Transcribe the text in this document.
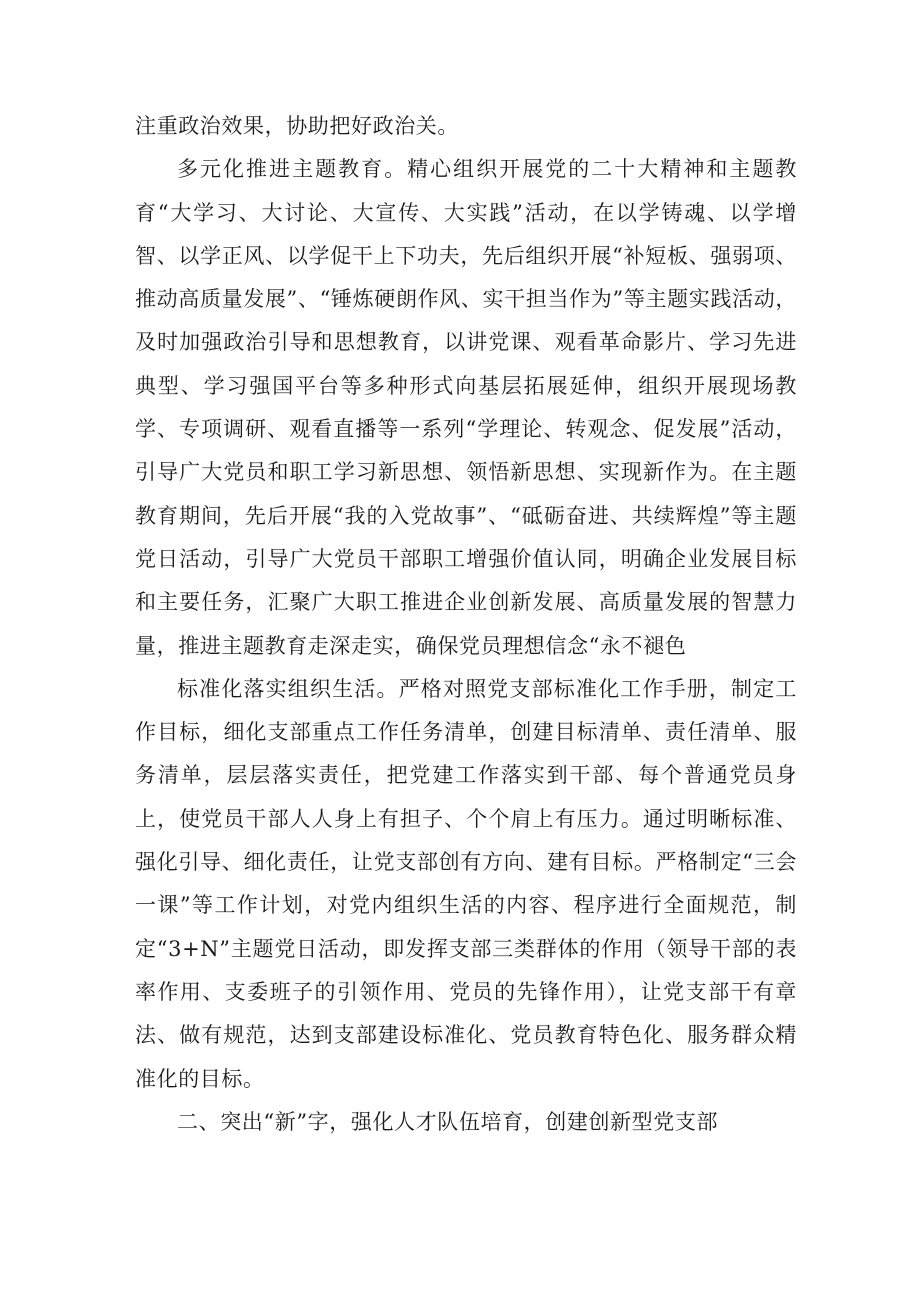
注重政治效果，协助把好政治关。

多元化推进主题教育。精心组织开展党的二十大精神和主题教育“大学习、大讨论、大宣传、大实践”活动，在以学铸魂、以学增智、以学正风、以学促干上下功夫，先后组织开展“补短板、强弱项、推动高质量发展”、“锤炼硬朗作风、实干担当作为”等主题实践活动，及时加强政治引导和思想教育，以讲党课、观看革命影片、学习先进典型、学习强国平台等多种形式向基层拓展延伸，组织开展现场教学、专项调研、观看直播等一系列“学理论、转观念、促发展”活动，引导广大党员和职工学习新思想、领悟新思想、实现新作为。在主题教育期间，先后开展“我的入党故事”、“砥砺奋进、共续辉煌”等主题党日活动，引导广大党员干部职工增强价值认同，明确企业发展目标和主要任务，汇聚广大职工推进企业创新发展、高质量发展的智慧力量，推进主题教育走深走实，确保党员理想信念“永不褪色

标准化落实组织生活。严格对照党支部标准化工作手册，制定工作目标，细化支部重点工作任务清单，创建目标清单、责任清单、服务清单，层层落实责任，把党建工作落实到干部、每个普通党员身上，使党员干部人人身上有担子、个个肩上有压力。通过明晰标准、强化引导、细化责任，让党支部创有方向、建有目标。严格制定“三会一课”等工作计划，对党内组织生活的内容、程序进行全面规范，制定“3+N”主题党日活动，即发挥支部三类群体的作用（领导干部的表率作用、支委班子的引领作用、党员的先锋作用），让党支部干有章法、做有规范，达到支部建设标准化、党员教育特色化、服务群众精准化的目标。

二、突出“新”字，强化人才队伍培育，创建创新型党支部
